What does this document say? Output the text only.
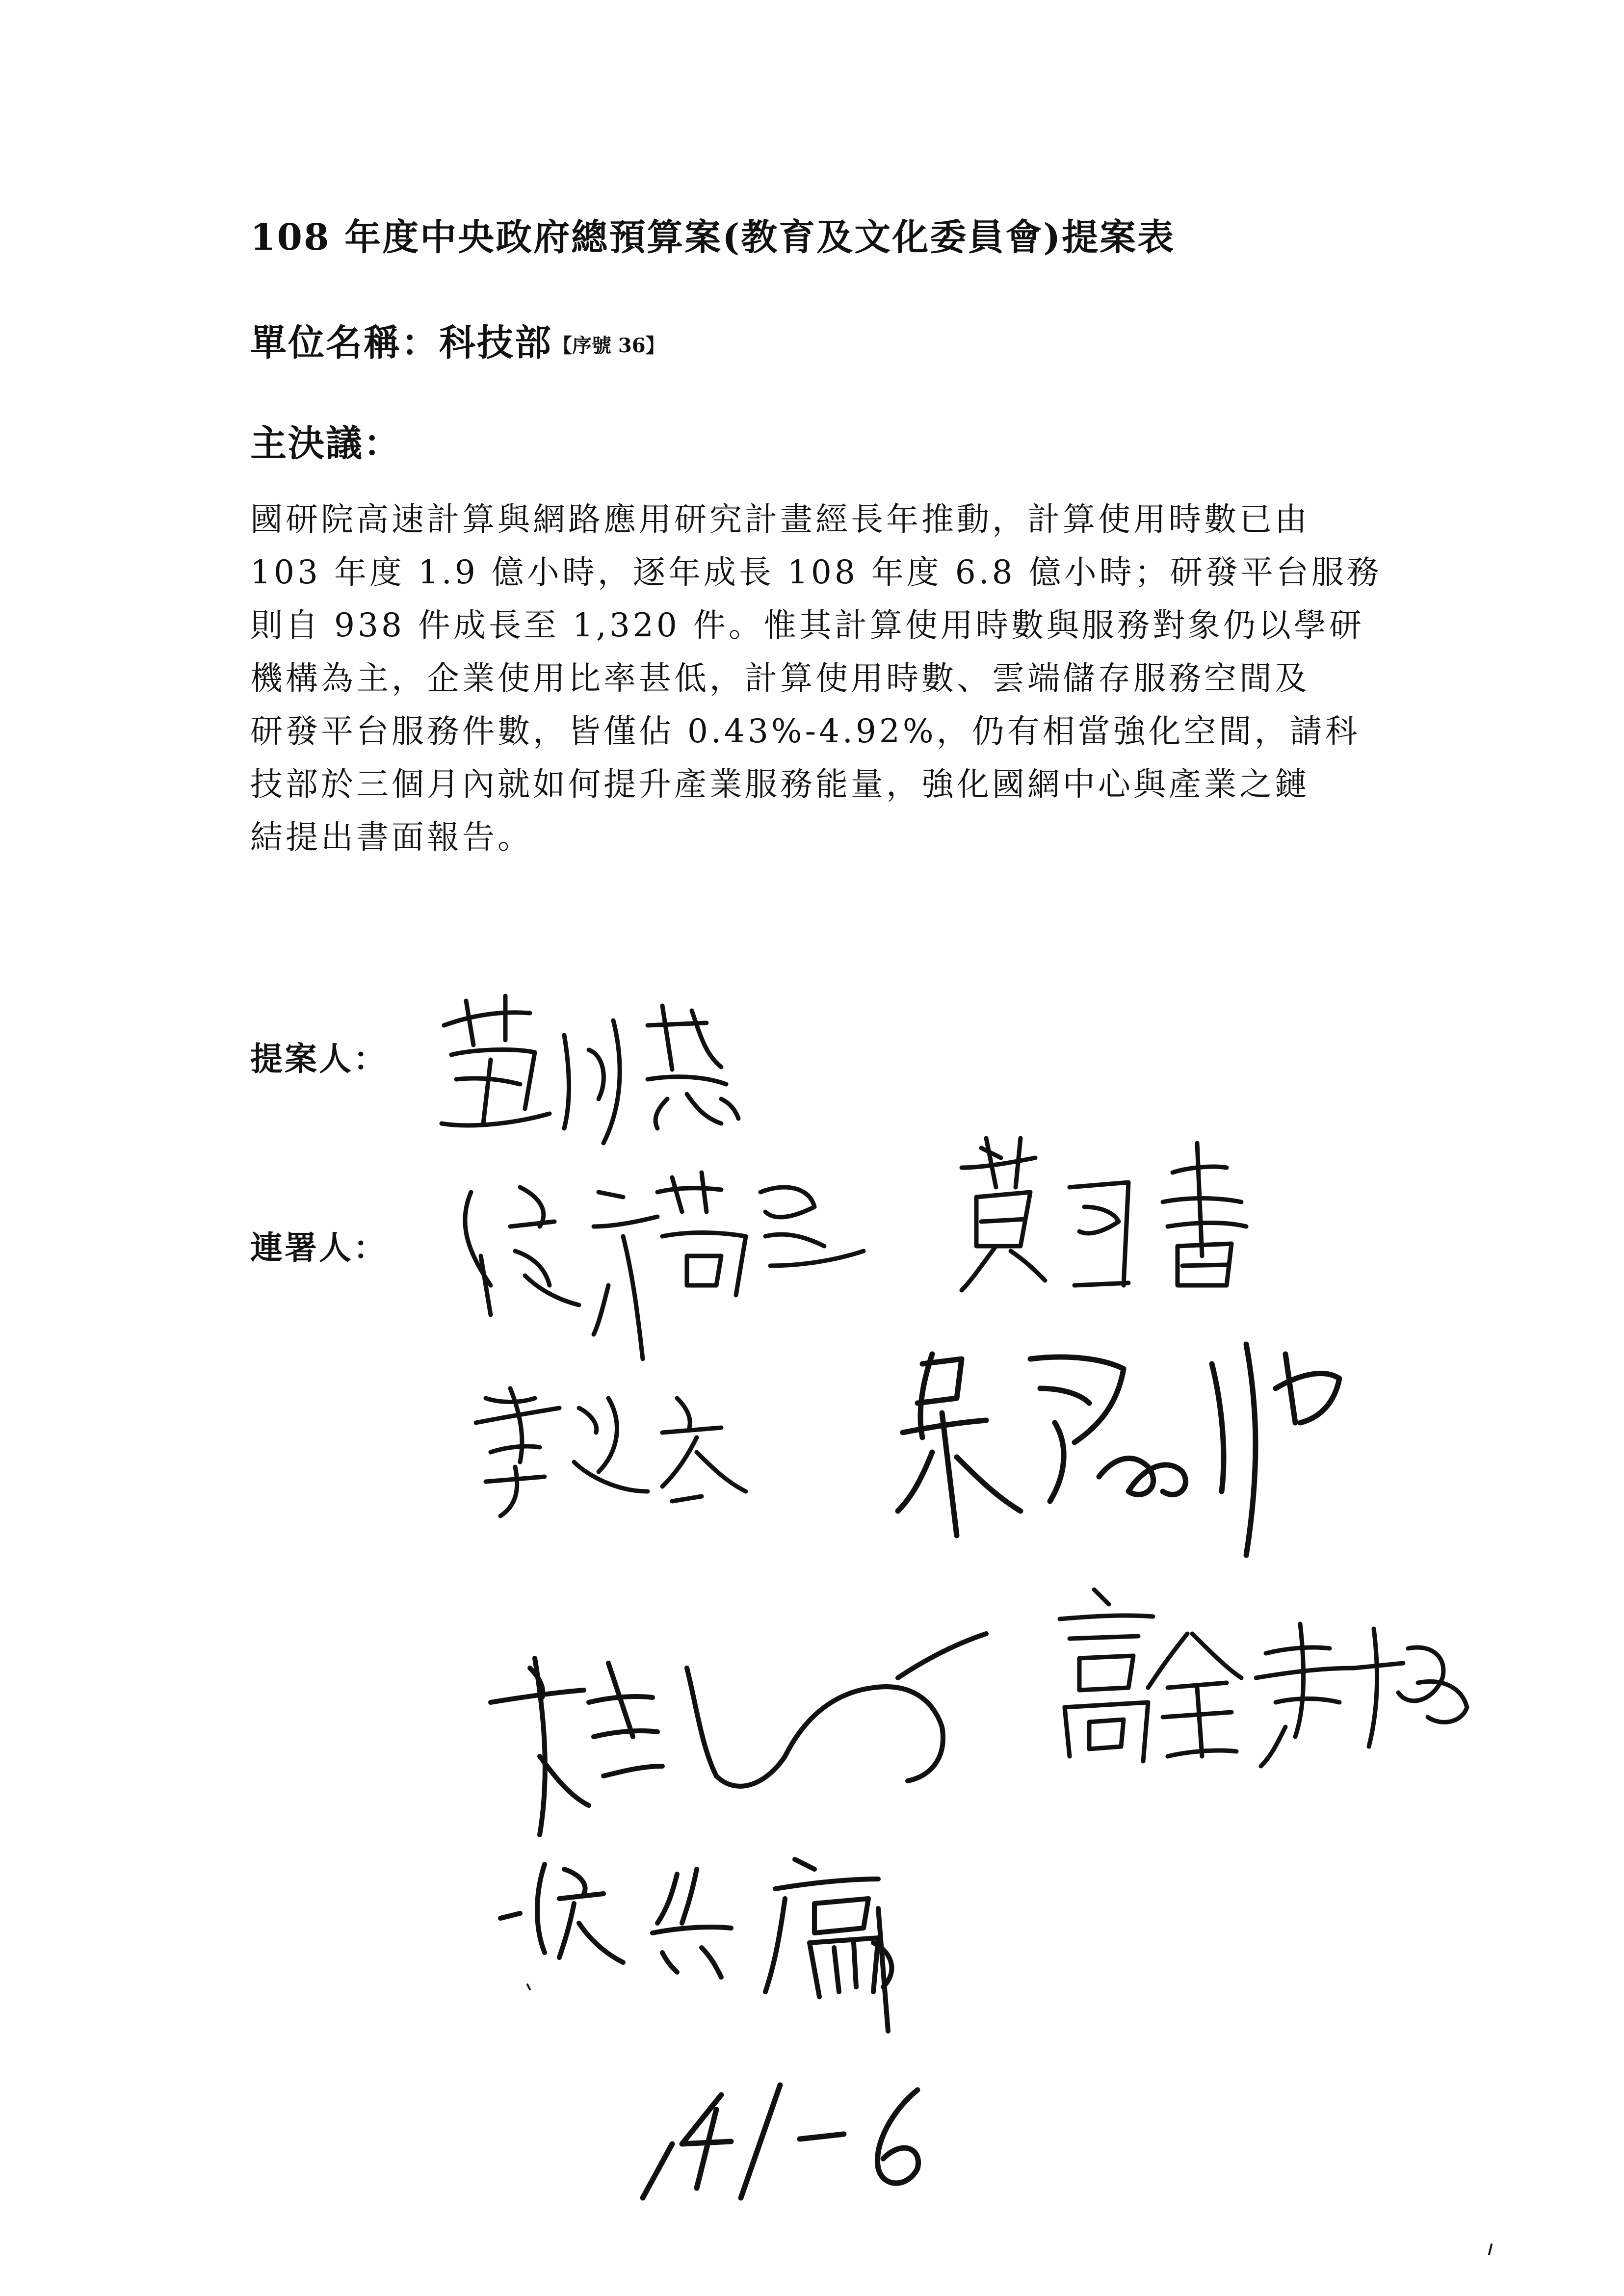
108 年度中央政府總預算案(教育及文化委員會)提案表
單位名稱：科技部【序號 36】
主決議：
國研院高速計算與網路應用研究計畫經長年推動，計算使用時數已由
103 年度 1.9 億小時，逐年成長 108 年度 6.8 億小時；研發平台服務
則自 938 件成長至 1,320 件。惟其計算使用時數與服務對象仍以學研
機構為主，企業使用比率甚低，計算使用時數、雲端儲存服務空間及
研發平台服務件數，皆僅佔 0.43%-4.92%，仍有相當強化空間，請科
技部於三個月內就如何提升產業服務能量，強化國網中心與產業之鏈
結提出書面報告。
提案人：
連署人：
